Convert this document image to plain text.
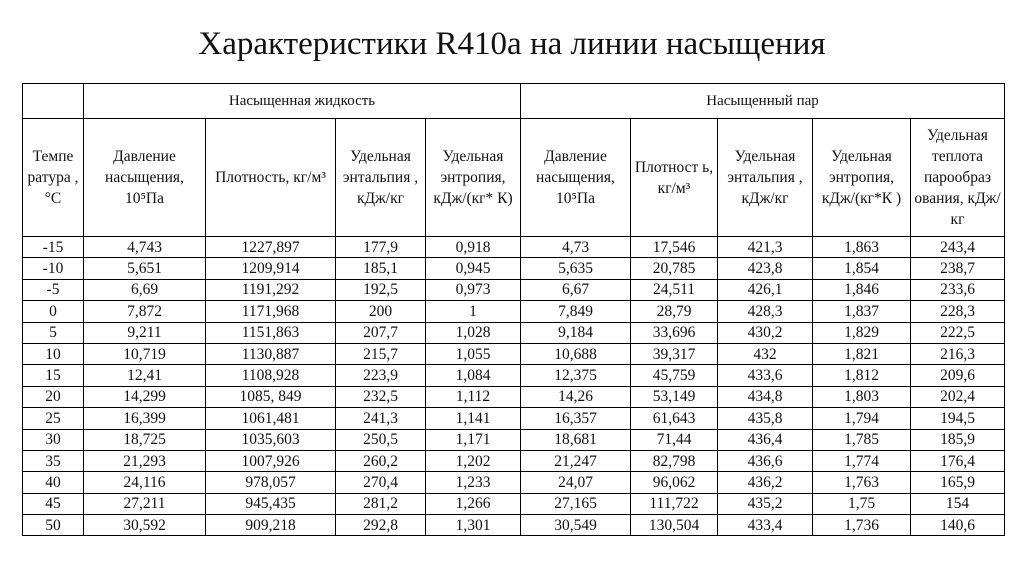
Характеристики R410a на линии насыщения
	Насыщенная жидкость				Насыщенный пар				
Темпе ратура ,°С	Давление насыщения, 10⁵Па	Плотность, кг/м³	Удельная энтальпия , кДж/кг	Удельная энтропия, кДж/(кг* К)	Давление насыщения, 10⁵Па	Плотност ь, кг/м³	Удельная энтальпия , кДж/кг	Удельная энтропия, кДж/(кг*К )	Удельная теплота парообраз ования, кДж/кг
-15	4,743	1227,897	177,9	0,918	4,73	17,546	421,3	1,863	243,4
-10	5,651	1209,914	185,1	0,945	5,635	20,785	423,8	1,854	238,7
-5	6,69	1191,292	192,5	0,973	6,67	24,511	426,1	1,846	233,6
0	7,872	1171,968	200	1	7,849	28,79	428,3	1,837	228,3
5	9,211	1151,863	207,7	1,028	9,184	33,696	430,2	1,829	222,5
10	10,719	1130,887	215,7	1,055	10,688	39,317	432	1,821	216,3
15	12,41	1108,928	223,9	1,084	12,375	45,759	433,6	1,812	209,6
20	14,299	1085, 849	232,5	1,112	14,26	53,149	434,8	1,803	202,4
25	16,399	1061,481	241,3	1,141	16,357	61,643	435,8	1,794	194,5
30	18,725	1035,603	250,5	1,171	18,681	71,44	436,4	1,785	185,9
35	21,293	1007,926	260,2	1,202	21,247	82,798	436,6	1,774	176,4
40	24,116	978,057	270,4	1,233	24,07	96,062	436,2	1,763	165,9
45	27,211	945,435	281,2	1,266	27,165	111,722	435,2	1,75	154
50	30,592	909,218	292,8	1,301	30,549	130,504	433,4	1,736	140,6
